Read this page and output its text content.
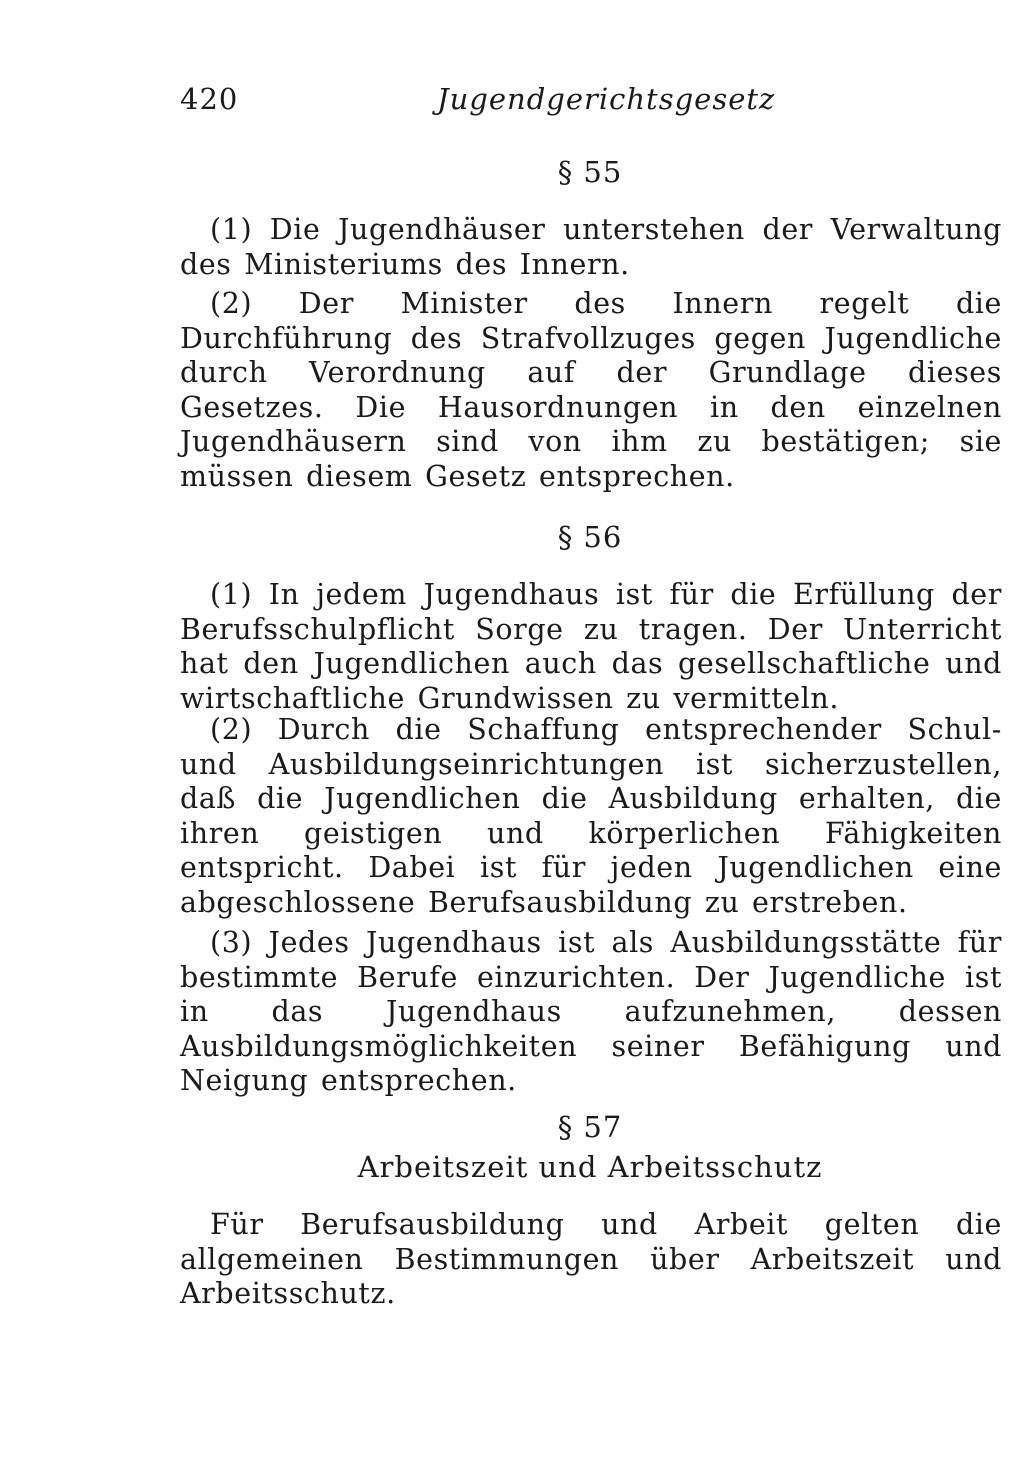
420	Jugendgerichtsgesetz
§ 55

(1) Die Jugendhäuser unterstehen der Verwaltung des Ministeriums des Innern.

(2) Der Minister des Innern regelt die Durchführung des Strafvollzuges gegen Jugendliche durch Verordnung auf der Grundlage dieses Gesetzes. Die Hausordnungen in den einzelnen Jugendhäusern sind von ihm zu bestätigen; sie müssen diesem Gesetz entsprechen.

§ 56

(1) In jedem Jugendhaus ist für die Erfüllung der Berufsschulpflicht Sorge zu tragen. Der Unterricht hat den Jugendlichen auch das gesellschaftliche und wirtschaftliche Grundwissen zu vermitteln.

(2) Durch die Schaffung entsprechender Schul- und Ausbildungseinrichtungen ist sicherzustellen, daß die Jugendlichen die Ausbildung erhalten, die ihren geistigen und körperlichen Fähigkeiten entspricht. Dabei ist für jeden Jugendlichen eine abgeschlossene Berufsausbildung zu erstreben.

(3) Jedes Jugendhaus ist als Ausbildungsstätte für bestimmte Berufe einzurichten. Der Jugendliche ist in das Jugendhaus aufzunehmen, dessen Ausbildungsmöglichkeiten seiner Befähigung und Neigung entsprechen.

§ 57
Arbeitszeit und Arbeitsschutz

Für Berufsausbildung und Arbeit gelten die allgemeinen Bestimmungen über Arbeitszeit und Arbeitsschutz.
